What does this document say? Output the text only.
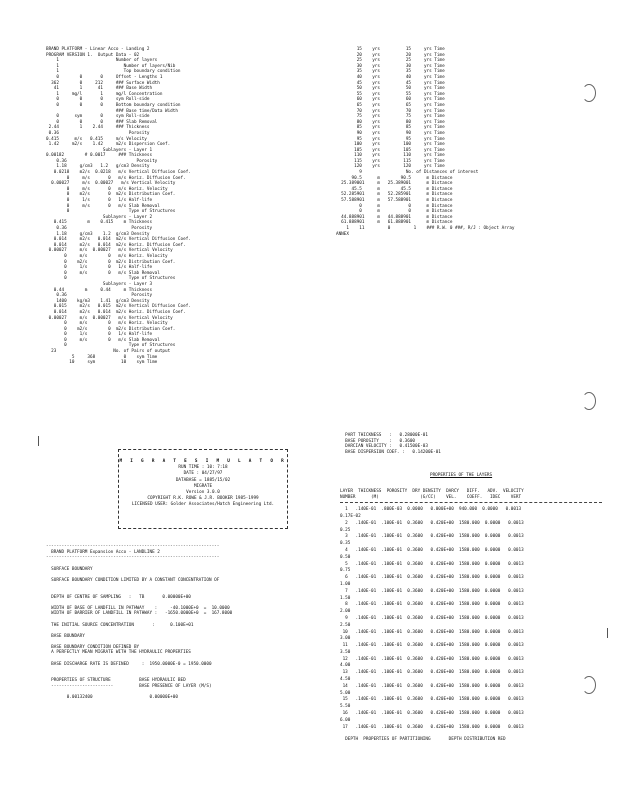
BRAND PLATFORM - Linear Acco - Landing 2
PROGRAM VERSION 1.  Output Data - 02
1                      Number of layers
1                         Number of layers/Nib
1                         Top boundary condition
0        0       0     Offset - Lengths 1
362        0     212     ### Surface Width
41        1      41     ### Base Width
1     mg/l       1     mg/l Concentration
0        0       0     sym Roll-side
0        0       0     Bottom boundary condition
### Base time/Data Width
0      sym       0     sym Roll-side
0        0       0     ### Slab Removal
2.44        1    2.44     ### Thickness
0.36                           Porosity
0.415      m/s   0.415     m/s Velocity
1.42     m2/s    1.42     m2/s Dispersion Coef.
Sublayers - Layer 1
0.00182        # 0.0017     ### Thickness
0.36                           Porosity
1.18     g/cm3   1.2   g/cm3 Density
0.0218    m2/s  0.0218   m/s Vertical Diffusion Coef.
0     m/s       0   m/s Horiz. Diffusion Coef.
0.00027     m/s  0.00027   m/s Vertical Velocity
0     m/s       0   m/s Horiz. Velocity
0    m2/s       0  m2/s Distribution Coef.
0     1/s       0   1/s Half-life
0     m/s       0   m/s Slab Removal
0                       Type of Structures
Sublayers - Layer 2
0.415        m    0.415    m Thickness
0.36                         Porosity
1.18     g/cm3    1.2  g/cm3 Density
0.014     m2/s   0.014  m2/s Vertical Diffusion Coef.
0.014     m2/s   0.014  m2/s Horiz. Diffusion Coef.
0.00027     m/s  0.00027   m/s Vertical Velocity
0     m/s        0   m/s Horiz. Velocity
0    m2/s        0  m2/s Distribution Coef.
0     1/s        0   1/s Half-life
0     m/s        0   m/s Slab Removal
0                        Type of Structures
Sublayers - Layer 3
0.44        m     0.44     m Thickness
0.36                         Porosity
1400    kg/m3    1.41  g/cm3 Density
0.015     m2/s   0.015  m2/s Vertical Diffusion Coef.
0.014     m2/s   0.014  m2/s Horiz. Diffusion Coef.
0.00027     m/s  0.00027   m/s Vertical Velocity
0     m/s        0   m/s Horiz. Velocity
0    m2/s        0  m2/s Distribution Coef.
0     1/s        0   1/s Half-life
0     m/s        0   m/s Slab Removal
0                        Type of Structures
23                      No. of Pairs of output
5     368           0    sym Time
10     sym          10    sym Time
15    yrs          15     yrs Time
20    yrs          20     yrs Time
25    yrs          25     yrs Time
30    yrs          30     yrs Time
35    yrs          35     yrs Time
40    yrs          40     yrs Time
45    yrs          45     yrs Time
50    yrs          50     yrs Time
55    yrs          55     yrs Time
60    yrs          60     yrs Time
65    yrs          65     yrs Time
70    yrs          70     yrs Time
75    yrs          75     yrs Time
80    yrs          80     yrs Time
85    yrs          85     yrs Time
90    yrs          90     yrs Time
95    yrs          95     yrs Time
100    yrs         100     yrs Time
105    yrs         105     yrs Time
110    yrs         110     yrs Time
115    yrs         115     yrs Time
120    yrs         120     yrs Time
9                 No. of Distances of interest
90.5      m        90.5      m Distance
25.389001     m   25.389001      m Distance
45.5      m        45.5      m Distance
52.285901     m   52.285901      m Distance
57.588901     m   57.588901      m Distance
0      m           0      m Distance
0      m           0      m Distance
44.888901     m   44.888901      m Distance
61.888901     m   61.888901      m Distance
1    11         0         1    ### R.W. 0 ###, R/J : Object Array
ANNEX
M I G R A T E S I M U L A T O R
RUN TIME : 10: 7:18
DATE : 04/27/97
DATABASE = 1885/15/02
MIGRATE
Version 3.0.0
COPYRIGHT R.K. ROWE & J.R. BOOKER 1985-1999
LICENSED USER: Golder Associates/Hatch Engineering Ltd.

-------------------------------------------------------------------
BRAND PLATFORM Expansion Acco - LANDLINE 2
-------------------------------------------------------------------

SURFACE BOUNDARY

SURFACE BOUNDARY CONDITION LIMITED BY A CONSTANT CONCENTRATION OF

DEPTH OF CENTRE OF SAMPLING   :   TB       0.00000E+00

WIDTH OF BASE OF LANDFILL IN PATHWAY    :     -40.1000E+0  =  10.0000
WIDTH OF BARRIER OF LANDFILL IN PATHWAY :   -1650.0000E+0  =  167.8000

THE INITIAL SOURCE CONCENTRATION       :      0.100E+01

BASE BOUNDARY

BASE BOUNDARY CONDITION DEFINED BY
A PERFECTLY MEAN MIGRATE WITH THE HYDRAULIC PROPERTIES

BASE DISCHARGE RATE IS DEFINED     :  1950.0000E-0 = 1950.0000

PROPERTIES OF STRUCTURE           BASE HYDRAULIC BED
------------------------          BASE PRESENCE OF LAYER (M/S)

0.00132400                      0.00000E+00
PART THICKNESS   :   0.28000E-01
BASE POROSITY    :   0.3600
DARCIAN VELOCITY :   0.41500E-03
BASE DISPERSION COEF. :   0.14200E-01
PROPERTIES OF THE LAYERS
LAYER  THICKNESS  POROSITY  DRY DENSITY  DARCY   DIFF.   ADV.  VELOCITY
NUMBER      (M)                (G/CC)    VEL.    COEFF.   IDEC    VERT
1   .140E-01  .800E-03  0.0000   0.000E+00  940.000  0.0000   0.0013
0.17E-02
2   .140E-01  .100E-01  0.3600   0.420E+00  1580.000  0.0000   0.0013
0.25
3   .140E-01  .100E-01  0.3600   0.420E+00  1580.000  0.0000   0.0013
0.35
4   .140E-01  .100E-01  0.3600   0.420E+00  1580.000  0.0000   0.0013
0.50
5   .140E-01  .100E-01  0.3600   0.420E+00  1580.000  0.0000   0.0013
0.75
6   .140E-01  .100E-01  0.3600   0.420E+00  1580.000  0.0000   0.0013
1.00
7   .140E-01  .100E-01  0.3600   0.420E+00  1580.000  0.0000   0.0013
1.50
8   .140E-01  .100E-01  0.3600   0.420E+00  1580.000  0.0000   0.0013
2.00
9   .140E-01  .100E-01  0.3600   0.420E+00  1580.000  0.0000   0.0013
2.50
10   .140E-01  .100E-01  0.3600   0.420E+00  1580.000  0.0000   0.0013
3.00
11   .140E-01  .100E-01  0.3600   0.420E+00  1580.000  0.0000   0.0013
3.50
12   .140E-01  .100E-01  0.3600   0.420E+00  1580.000  0.0000   0.0013
4.00
13   .140E-01  .100E-01  0.3600   0.420E+00  1580.000  0.0000   0.0013
4.50
14   .140E-01  .100E-01  0.3600   0.420E+00  1580.000  0.0000   0.0013
5.00
15   .140E-01  .100E-01  0.3600   0.420E+00  1580.000  0.0000   0.0013
5.50
16   .140E-01  .100E-01  0.3600   0.420E+00  1580.000  0.0000   0.0013
6.00
17   .140E-01  .100E-01  0.3600   0.420E+00  1580.000  0.0000   0.0013

DEPTH  PROPERTIES OF PARTITIONING       DEPTH DISTRIBUTION RED
